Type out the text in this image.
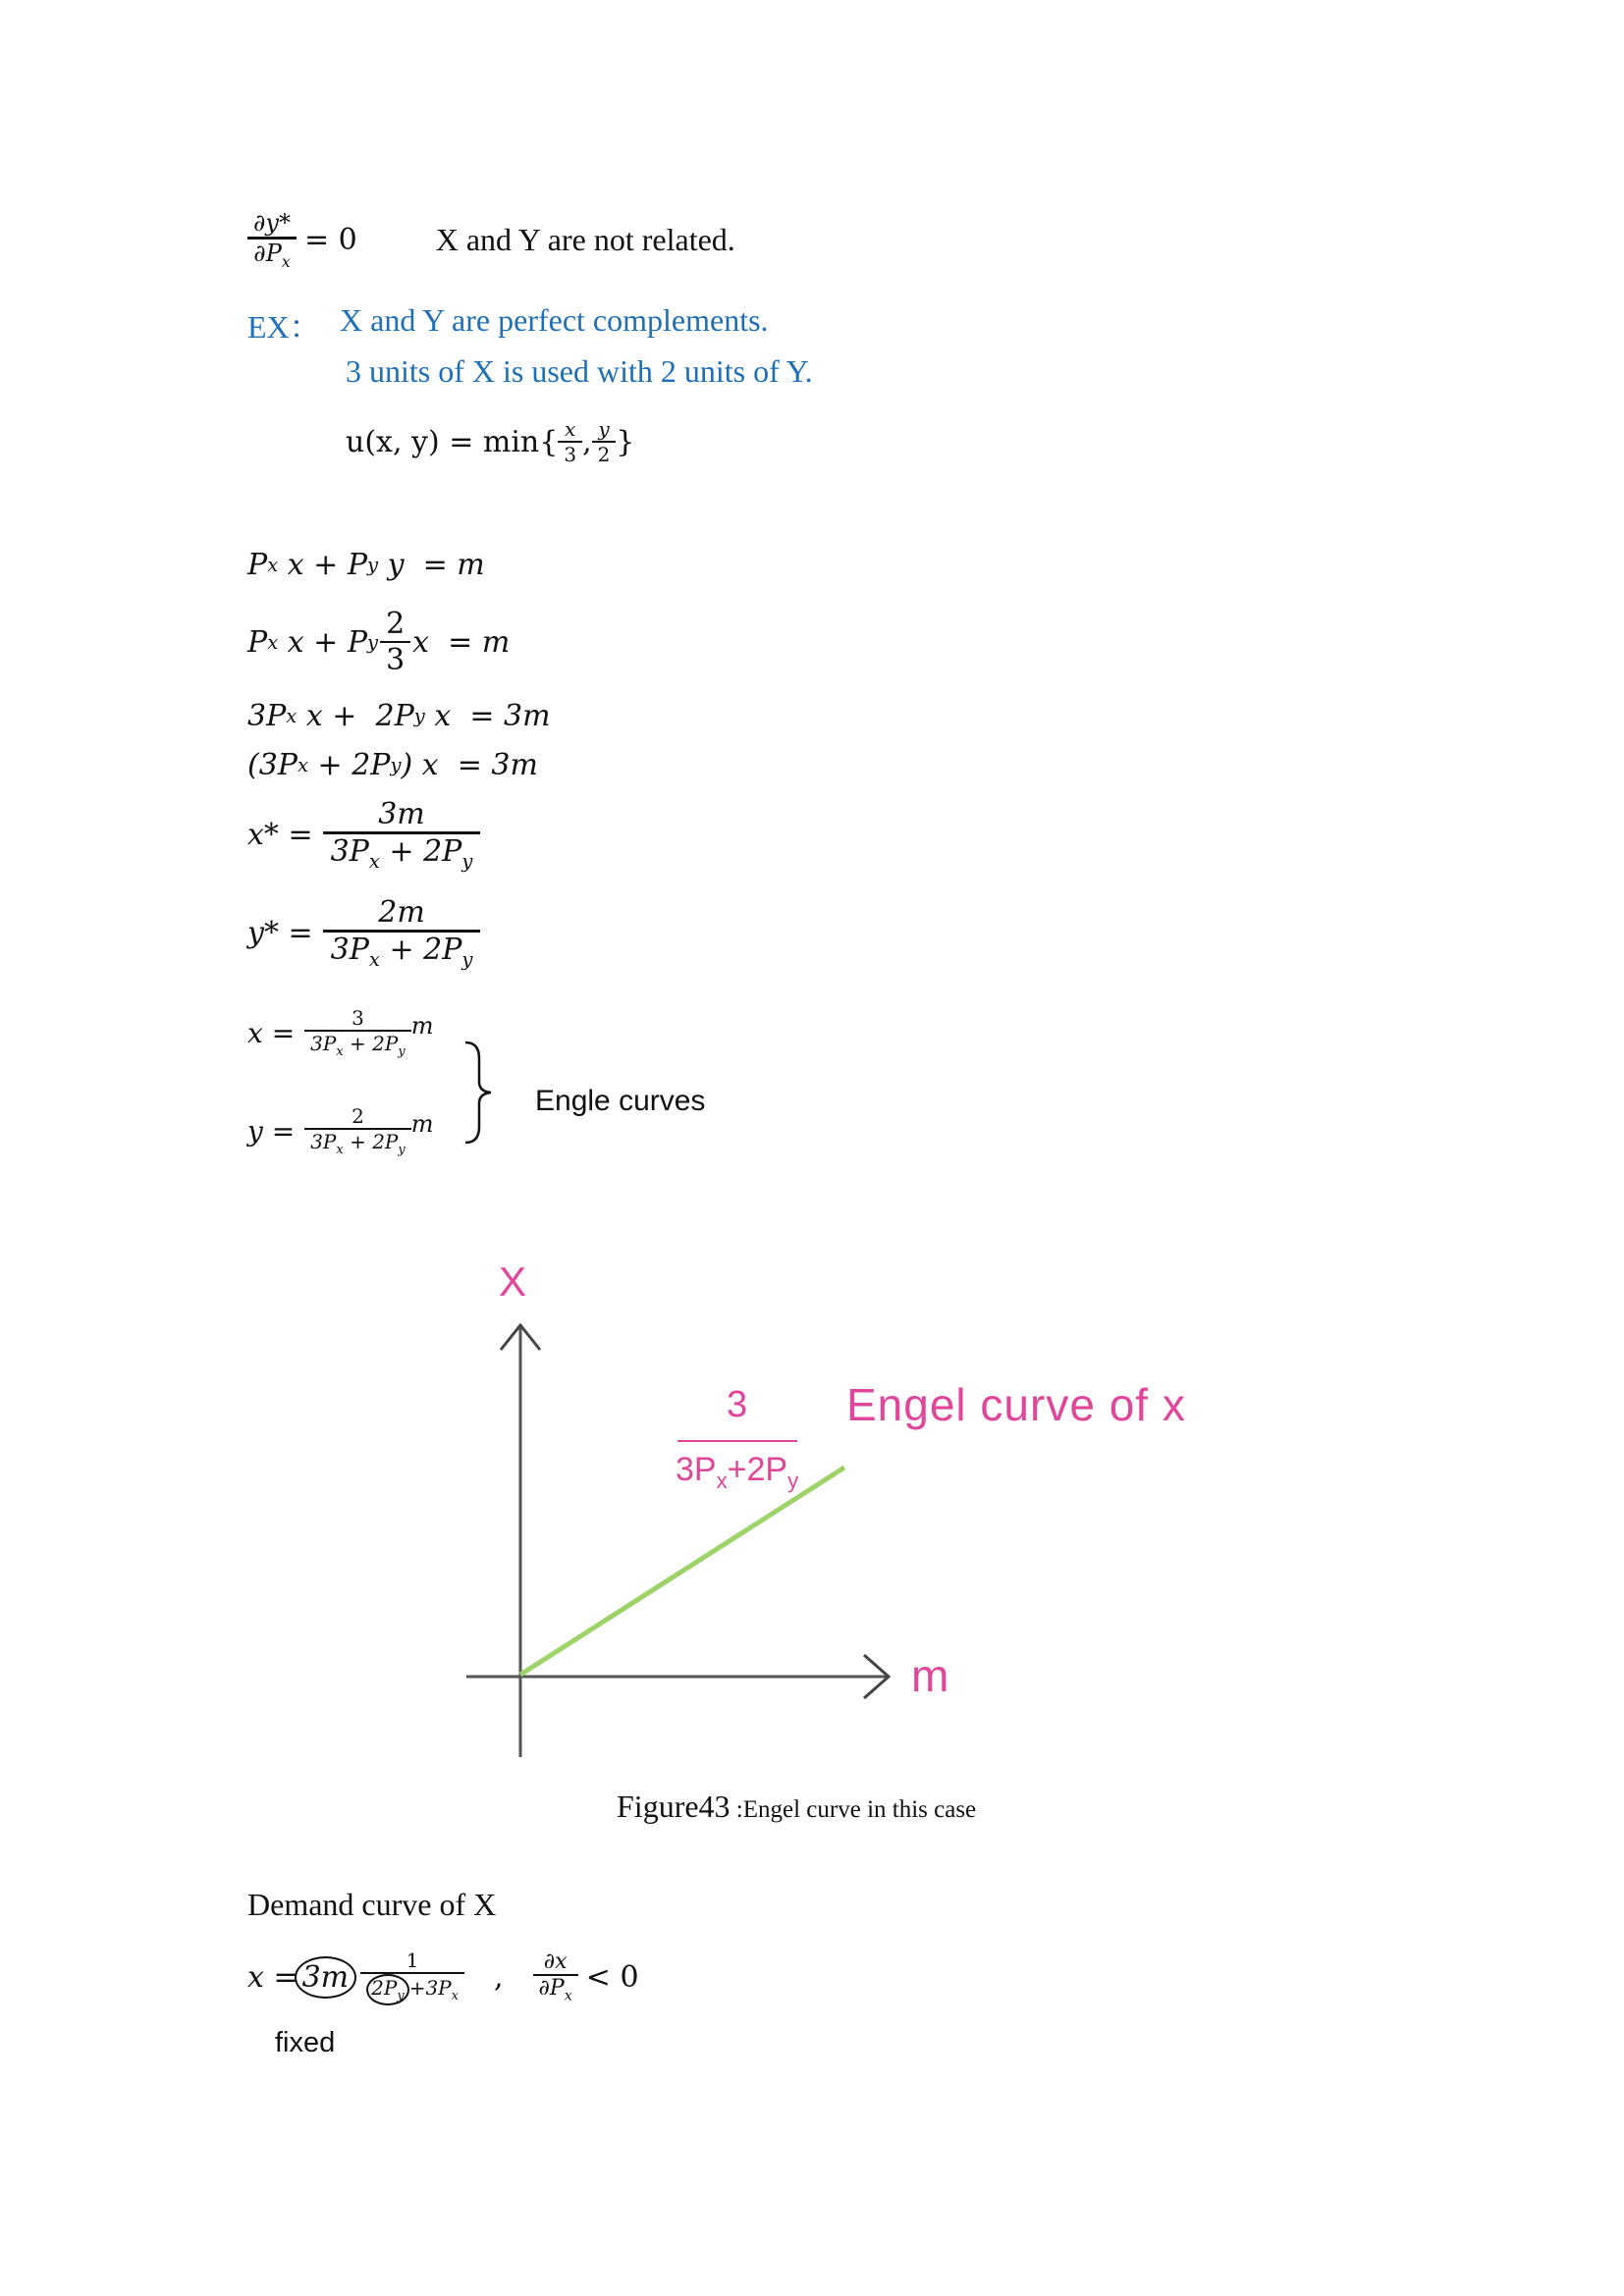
$\frac{\partial y*}{\partial P_x} = 0$	X and Y are not related.
EX： X and Y are perfect complements.
3 units of X is used with 2 units of Y.
u(x, $y) = \min\{ \frac{x}{3}$ , $\frac{y}{2}$ }
P x x + P y y  = m
P x x + P y $\frac{2}{3}$ x  = m
3P x x +  2P y x  = 3m
(3P x + 2P y ) x  = 3m
$x* = \frac{3m}{3P_x + 2P_y}$
$y* = \frac{2m}{3P_x + 2P_y}$
$x = \frac{3}{3P_x + 2P_y}$ m
$y = \frac{2}{3P_x + 2P_y}$ m
Engle curves
X
m
3
$3P_x+2P_y$
Engel curve of x
Figure43 :Engel curve in this case
Demand curve of X
$x = 3m \frac{1}{2P_y +3P_x}$ , $\frac{\partial x}{\partial P_x} < 0$
fixed
